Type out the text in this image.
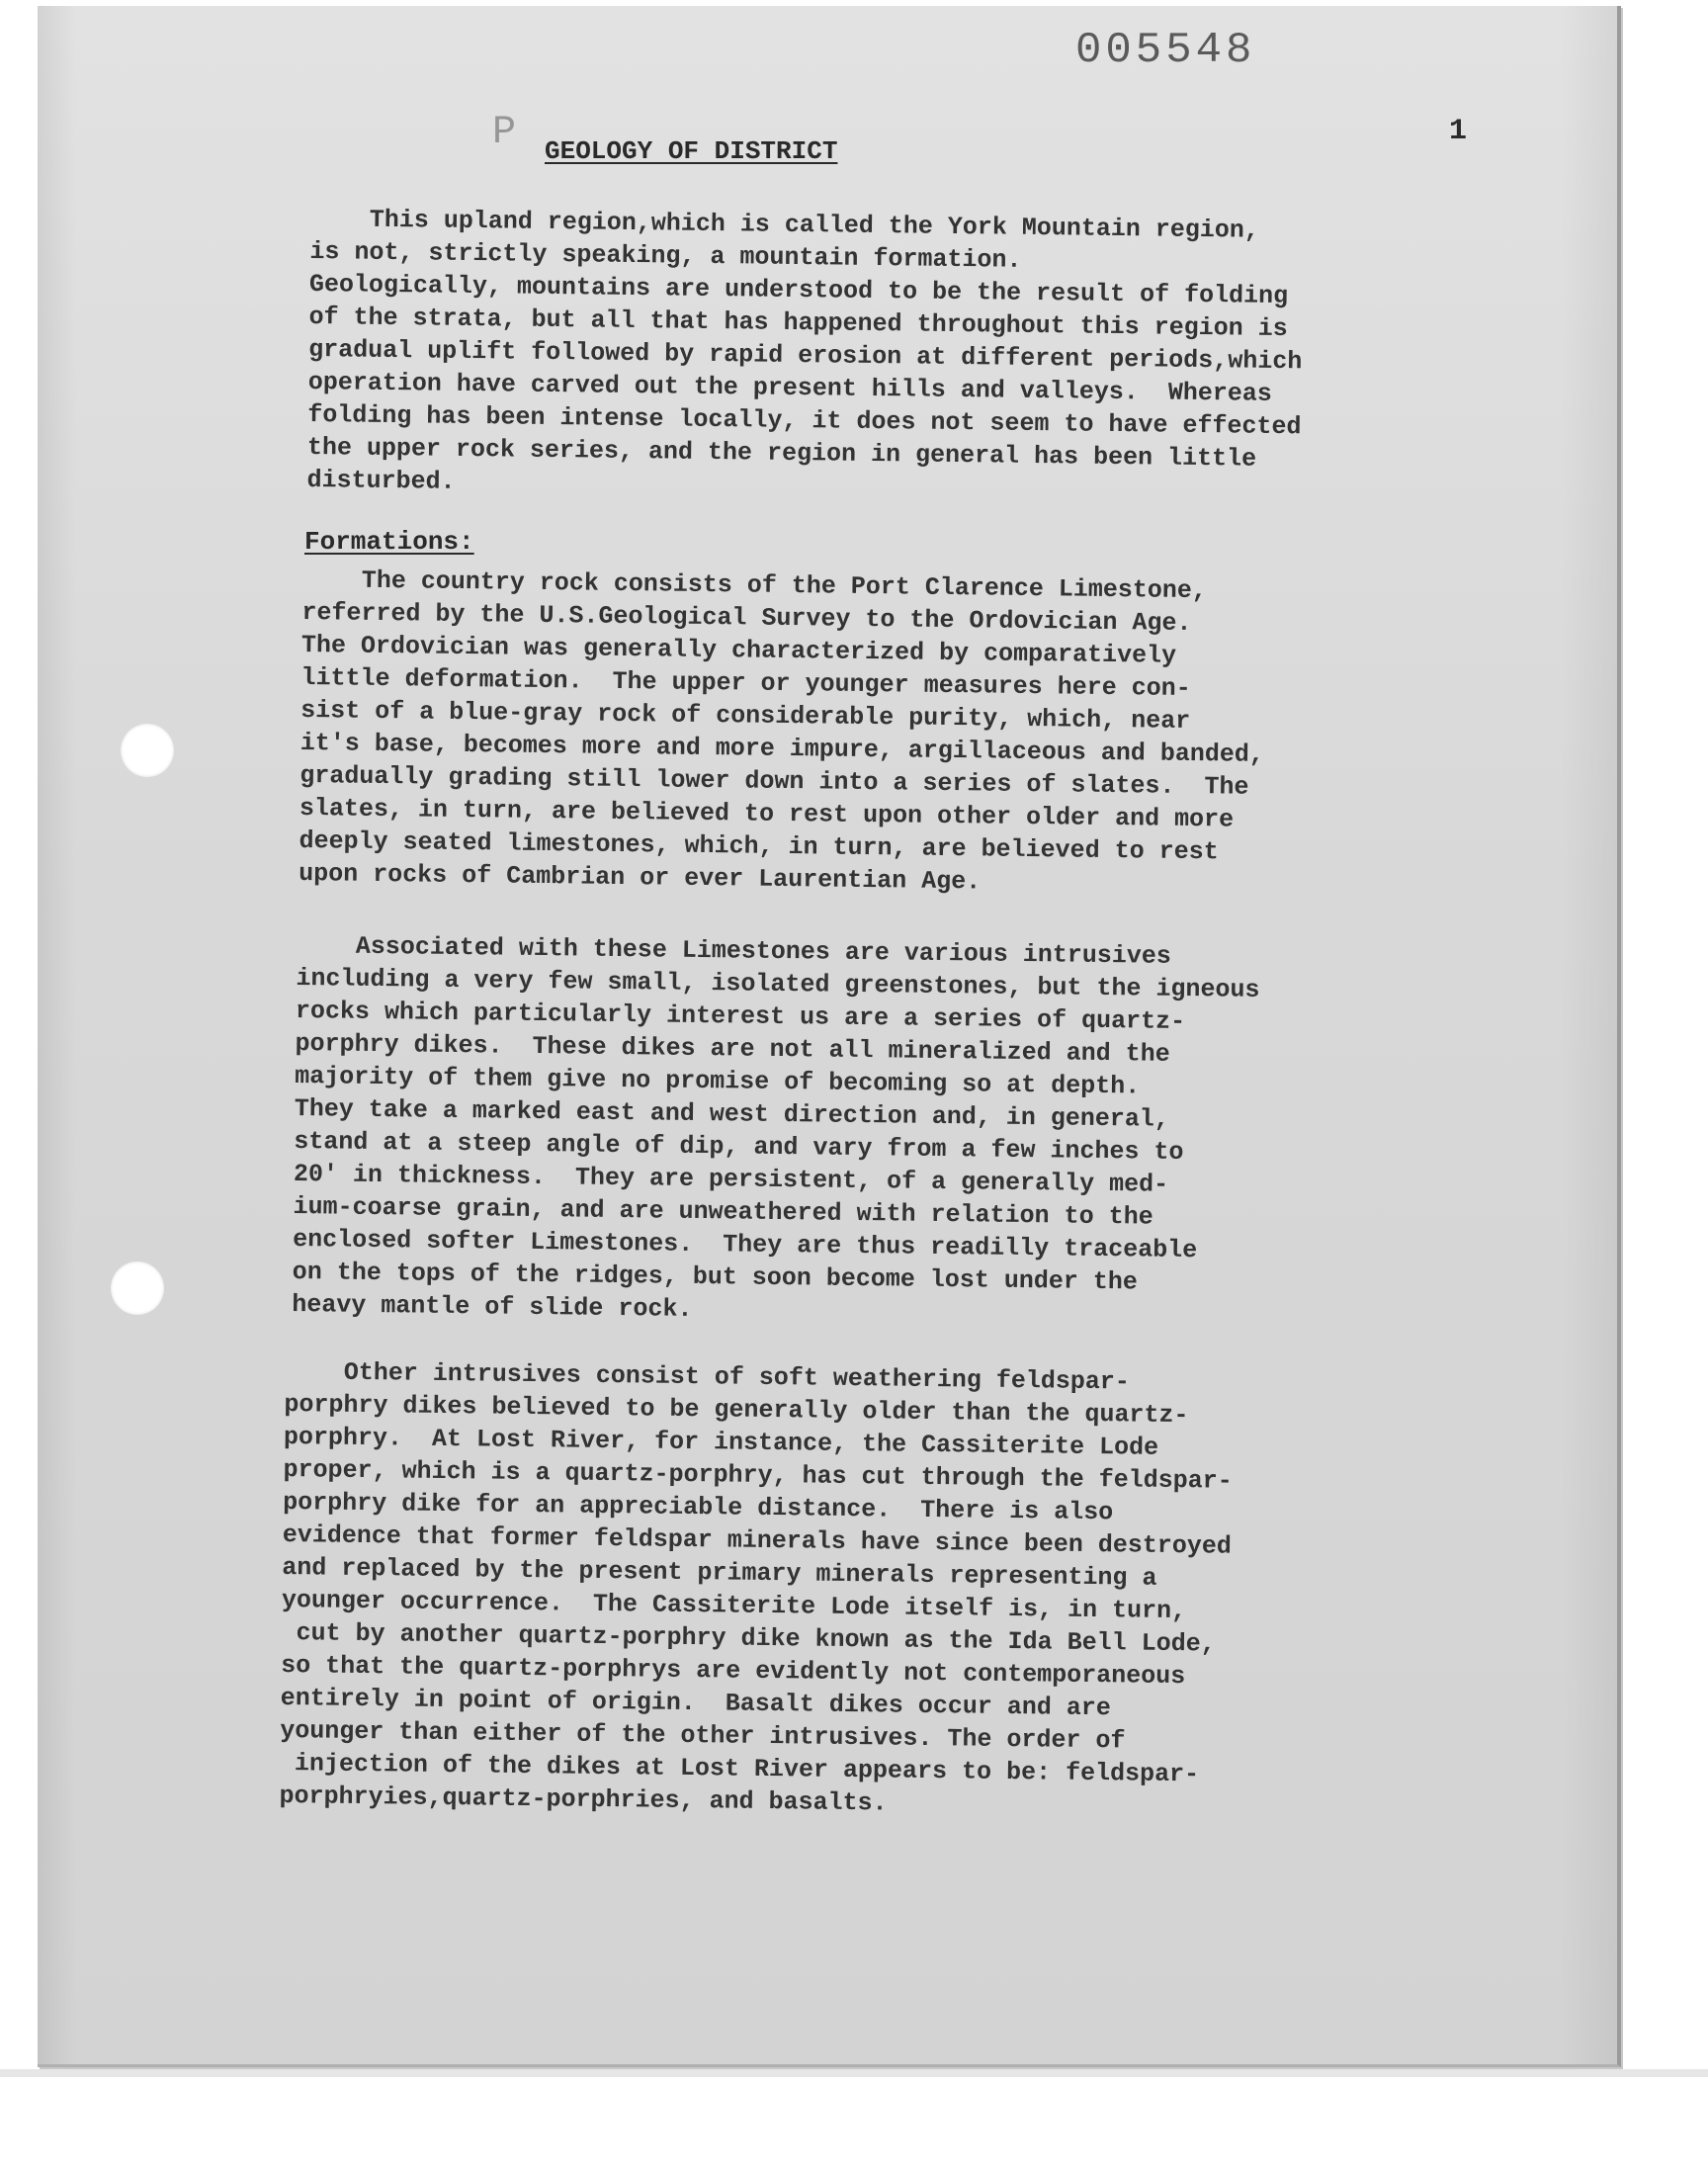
005548
1
P GEOLOGY OF DISTRICT

This upland region,which is called the York Mountain region,
is not, strictly speaking, a mountain formation.
Geologically, mountains are understood to be the result of folding
of the strata, but all that has happened throughout this region is
gradual uplift followed by rapid erosion at different periods,which
operation have carved out the present hills and valleys.  Whereas
folding has been intense locally, it does not seem to have effected
the upper rock series, and the region in general has been little
disturbed.

Formations:

The country rock consists of the Port Clarence Limestone,
referred by the U.S.Geological Survey to the Ordovician Age.
The Ordovician was generally characterized by comparatively
little deformation.  The upper or younger measures here con-
sist of a blue-gray rock of considerable purity, which, near
it's base, becomes more and more impure, argillaceous and banded,
gradually grading still lower down into a series of slates.  The
slates, in turn, are believed to rest upon other older and more
deeply seated limestones, which, in turn, are believed to rest
upon rocks of Cambrian or ever Laurentian Age.

Associated with these Limestones are various intrusives
including a very few small, isolated greenstones, but the igneous
rocks which particularly interest us are a series of quartz-
porphry dikes.  These dikes are not all mineralized and the
majority of them give no promise of becoming so at depth.
They take a marked east and west direction and, in general,
stand at a steep angle of dip, and vary from a few inches to
20' in thickness.  They are persistent, of a generally med-
ium-coarse grain, and are unweathered with relation to the
enclosed softer Limestones.  They are thus readilly traceable
on the tops of the ridges, but soon become lost under the
heavy mantle of slide rock.

Other intrusives consist of soft weathering feldspar-
porphry dikes believed to be generally older than the quartz-
porphry.  At Lost River, for instance, the Cassiterite Lode
proper, which is a quartz-porphry, has cut through the feldspar-
porphry dike for an appreciable distance.  There is also
evidence that former feldspar minerals have since been destroyed
and replaced by the present primary minerals representing a
younger occurrence.  The Cassiterite Lode itself is, in turn,
cut by another quartz-porphry dike known as the Ida Bell Lode,
so that the quartz-porphrys are evidently not contemporaneous
entirely in point of origin.  Basalt dikes occur and are
younger than either of the other intrusives. The order of
injection of the dikes at Lost River appears to be: feldspar-
porphryies,quartz-porphries, and basalts.
